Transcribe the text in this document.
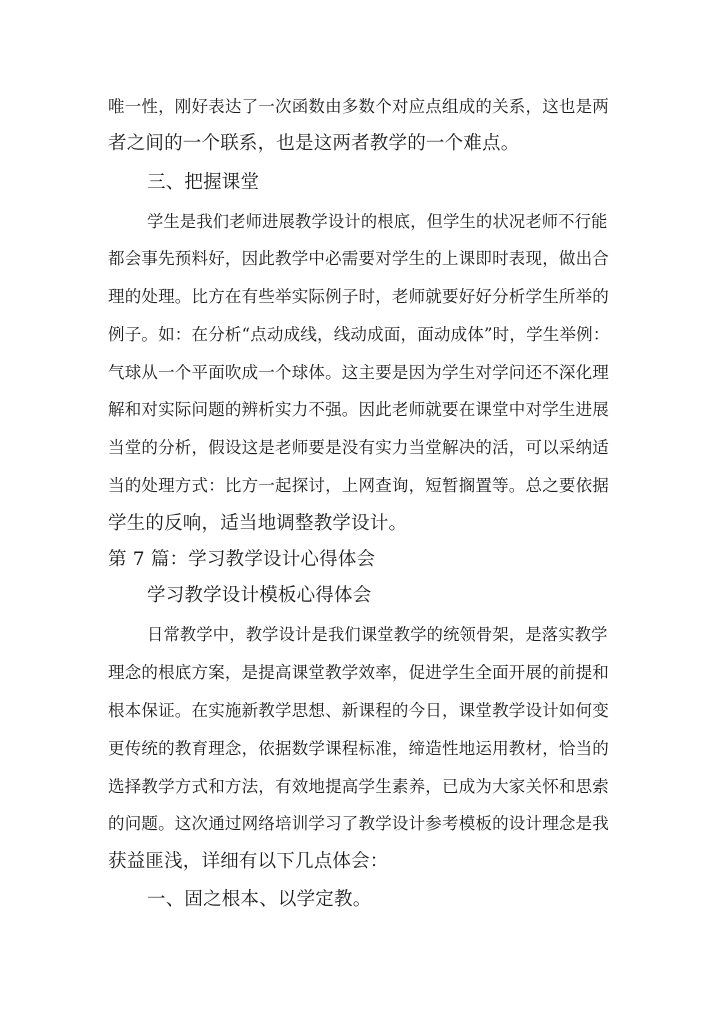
唯一性，刚好表达了一次函数由多数个对应点组成的关系，这也是两
者之间的一个联系，也是这两者教学的一个难点。
三、把握课堂
学生是我们老师进展教学设计的根底，但学生的状况老师不行能
都会事先预料好，因此教学中必需要对学生的上课即时表现，做出合
理的处理。比方在有些举实际例子时，老师就要好好分析学生所举的
例子。如：在分析“点动成线，线动成面，面动成体”时，学生举例：
气球从一个平面吹成一个球体。这主要是因为学生对学问还不深化理
解和对实际问题的辨析实力不强。因此老师就要在课堂中对学生进展
当堂的分析，假设这是老师要是没有实力当堂解决的活，可以采纳适
当的处理方式：比方一起探讨，上网查询，短暂搁置等。总之要依据
学生的反响，适当地调整教学设计。
第 7 篇：学习教学设计心得体会
学习教学设计模板心得体会
日常教学中，教学设计是我们课堂教学的统领骨架，是落实教学
理念的根底方案，是提高课堂教学效率，促进学生全面开展的前提和
根本保证。在实施新教学思想、新课程的今日，课堂教学设计如何变
更传统的教育理念，依据数学课程标准，缔造性地运用教材，恰当的
选择教学方式和方法，有效地提高学生素养，已成为大家关怀和思索
的问题。这次通过网络培训学习了教学设计参考模板的设计理念是我
获益匪浅，详细有以下几点体会：
一、固之根本、以学定教。
